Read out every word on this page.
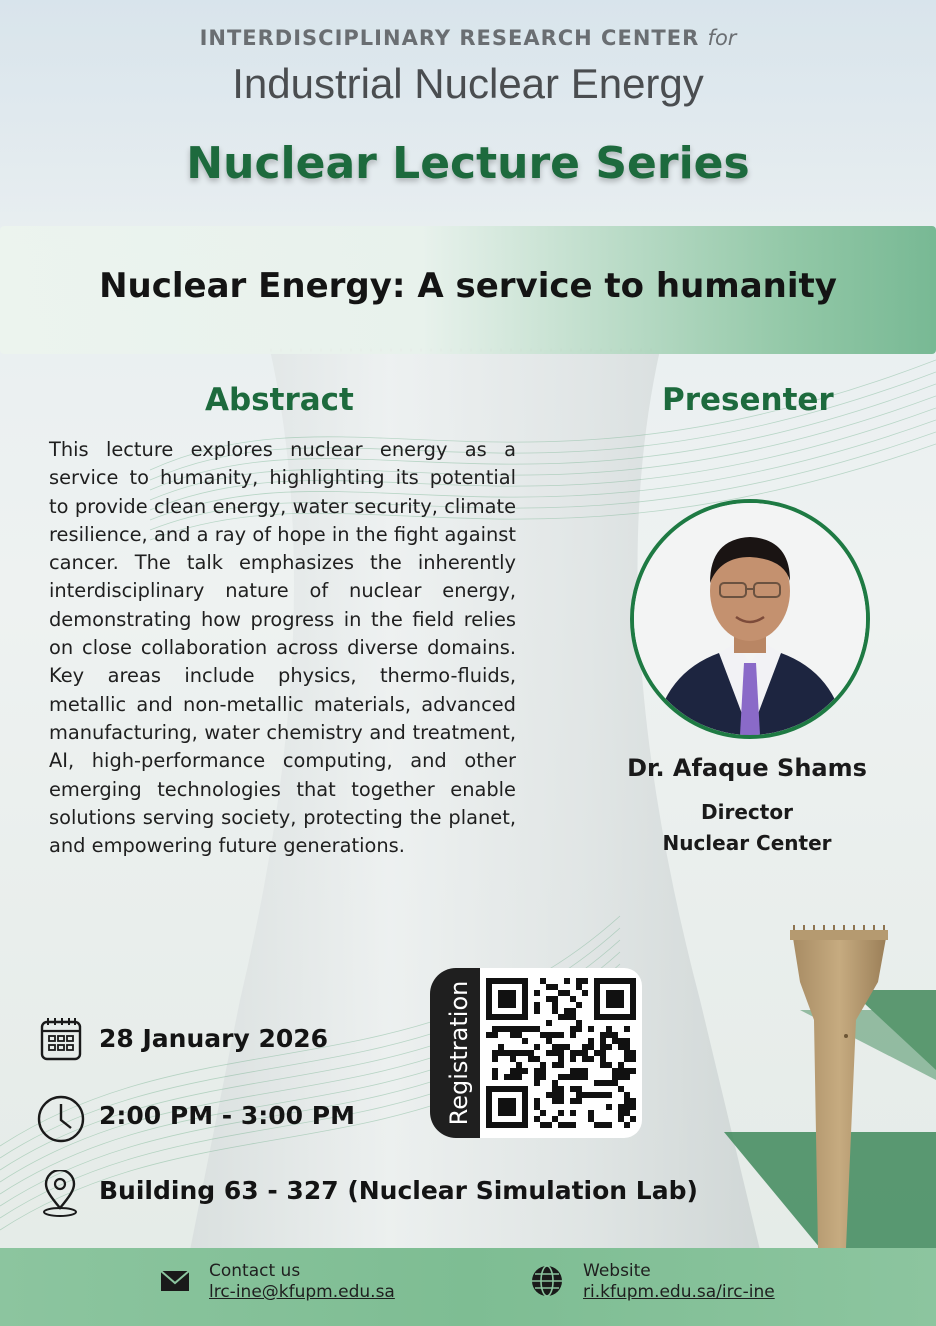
INTERDISCIPLINARY RESEARCH CENTER for
Industrial Nuclear Energy
Nuclear Lecture Series
Nuclear Energy: A service to humanity
Abstract
This lecture explores nuclear energy as a service to humanity, highlighting its potential to provide clean energy, water security, climate resilience, and a ray of hope in the fight against cancer. The talk emphasizes the inherently interdisciplinary nature of nuclear energy, demonstrating how progress in the field relies on close collaboration across diverse domains. Key areas include physics, thermo-fluids, metallic and non-metallic materials, advanced manufacturing, water chemistry and treatment, AI, high-performance computing, and other emerging technologies that together enable solutions serving society, protecting the planet, and empowering future generations.
Presenter
Dr. Afaque Shams
Director
Nuclear Center
28 January 2026
2:00 PM - 3:00 PM
Building 63 - 327 (Nuclear Simulation Lab)
Registration
Contact us
lrc-ine@kfupm.edu.sa
Website
ri.kfupm.edu.sa/irc-ine
